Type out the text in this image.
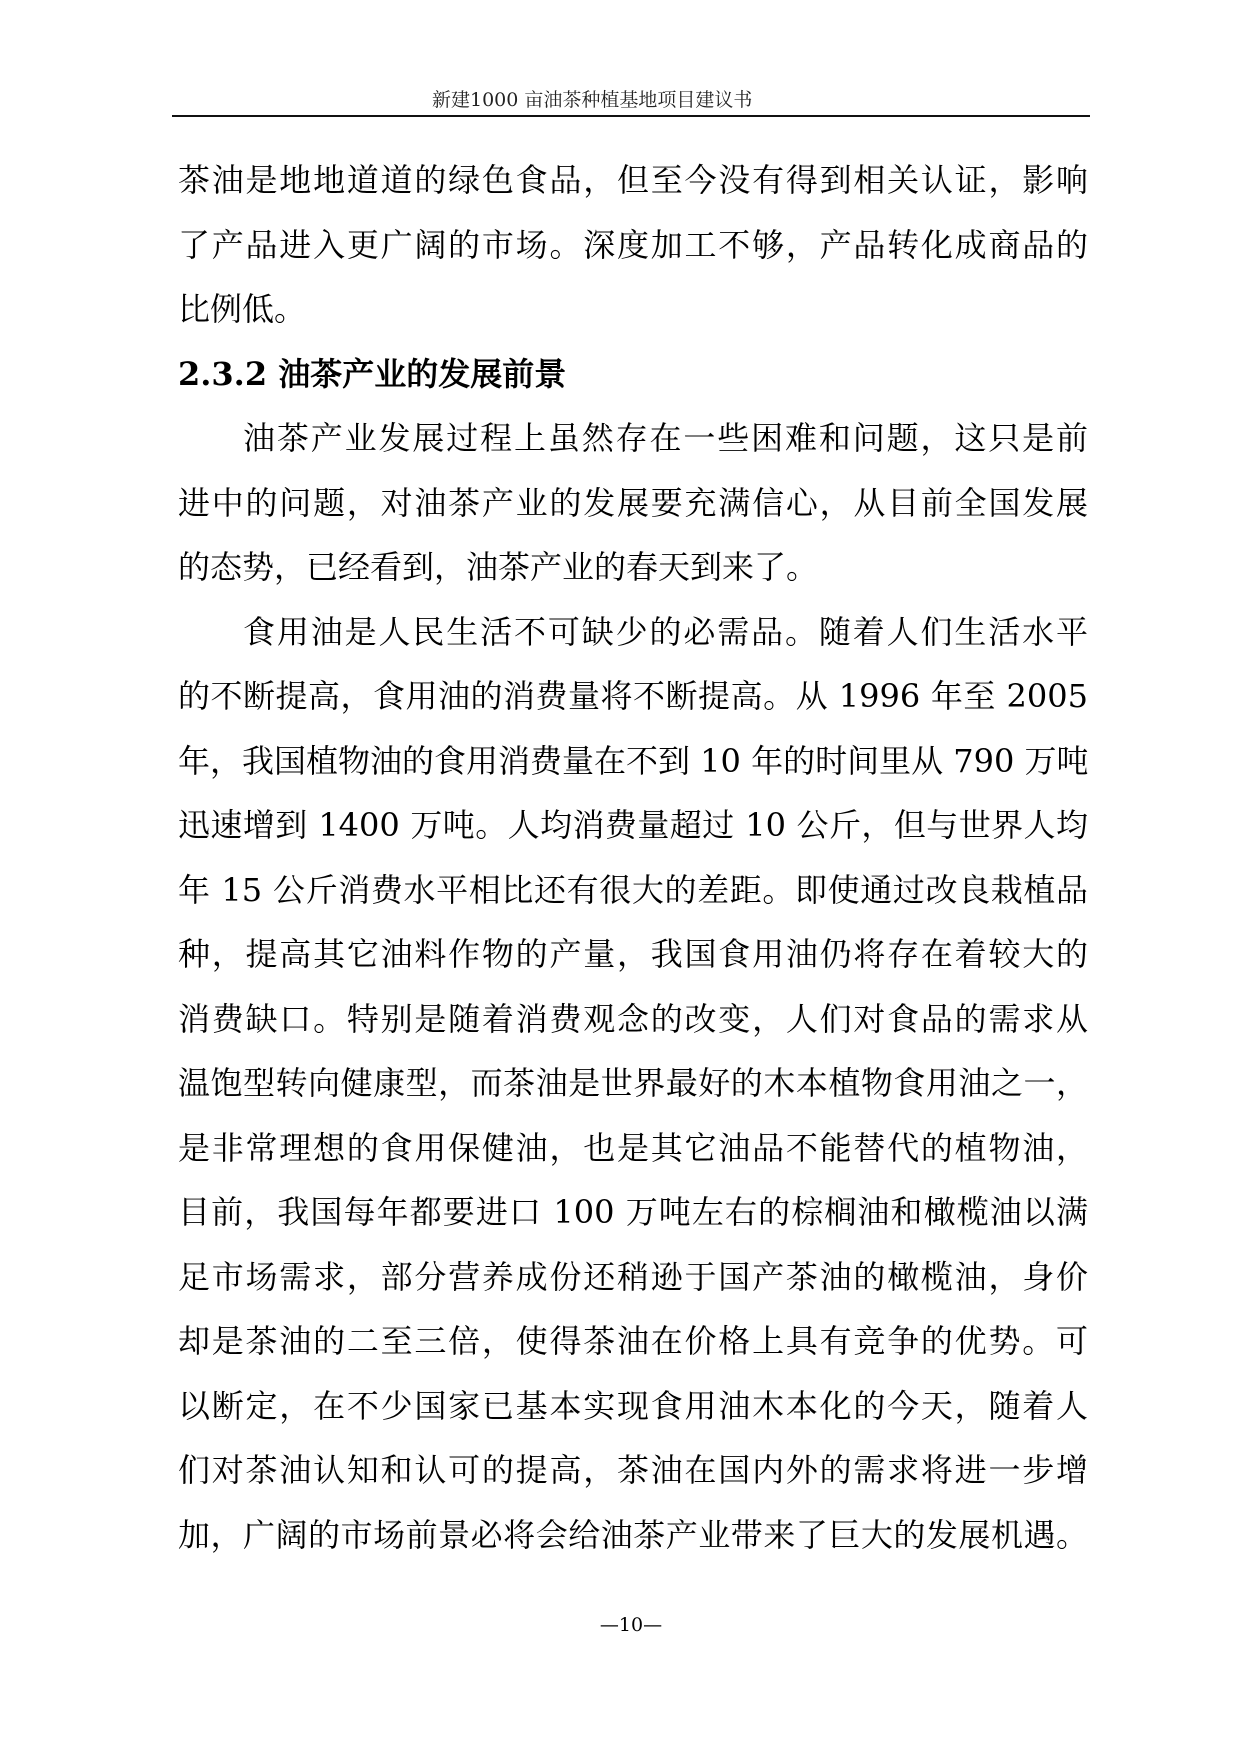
新建1000 亩油茶种植基地项目建议书
茶油是地地道道的绿色食品，但至今没有得到相关认证，影响
了产品进入更广阔的市场。深度加工不够，产品转化成商品的
比例低。
2.3.2 油茶产业的发展前景
油茶产业发展过程上虽然存在一些困难和问题，这只是前
进中的问题，对油茶产业的发展要充满信心，从目前全国发展
的态势，已经看到，油茶产业的春天到来了。
食用油是人民生活不可缺少的必需品。随着人们生活水平
的不断提高，食用油的消费量将不断提高。从 1996 年至 2005
年，我国植物油的食用消费量在不到 10 年的时间里从 790 万吨
迅速增到 1400 万吨。人均消费量超过 10 公斤，但与世界人均
年 15 公斤消费水平相比还有很大的差距。即使通过改良栽植品
种，提高其它油料作物的产量，我国食用油仍将存在着较大的
消费缺口。特别是随着消费观念的改变，人们对食品的需求从
温饱型转向健康型，而茶油是世界最好的木本植物食用油之一，
是非常理想的食用保健油，也是其它油品不能替代的植物油，
目前，我国每年都要进口 100 万吨左右的棕榈油和橄榄油以满
足市场需求，部分营养成份还稍逊于国产茶油的橄榄油，身价
却是茶油的二至三倍，使得茶油在价格上具有竞争的优势。可
以断定，在不少国家已基本实现食用油木本化的今天，随着人
们对茶油认知和认可的提高，茶油在国内外的需求将进一步增
加，广阔的市场前景必将会给油茶产业带来了巨大的发展机遇。
—10—
